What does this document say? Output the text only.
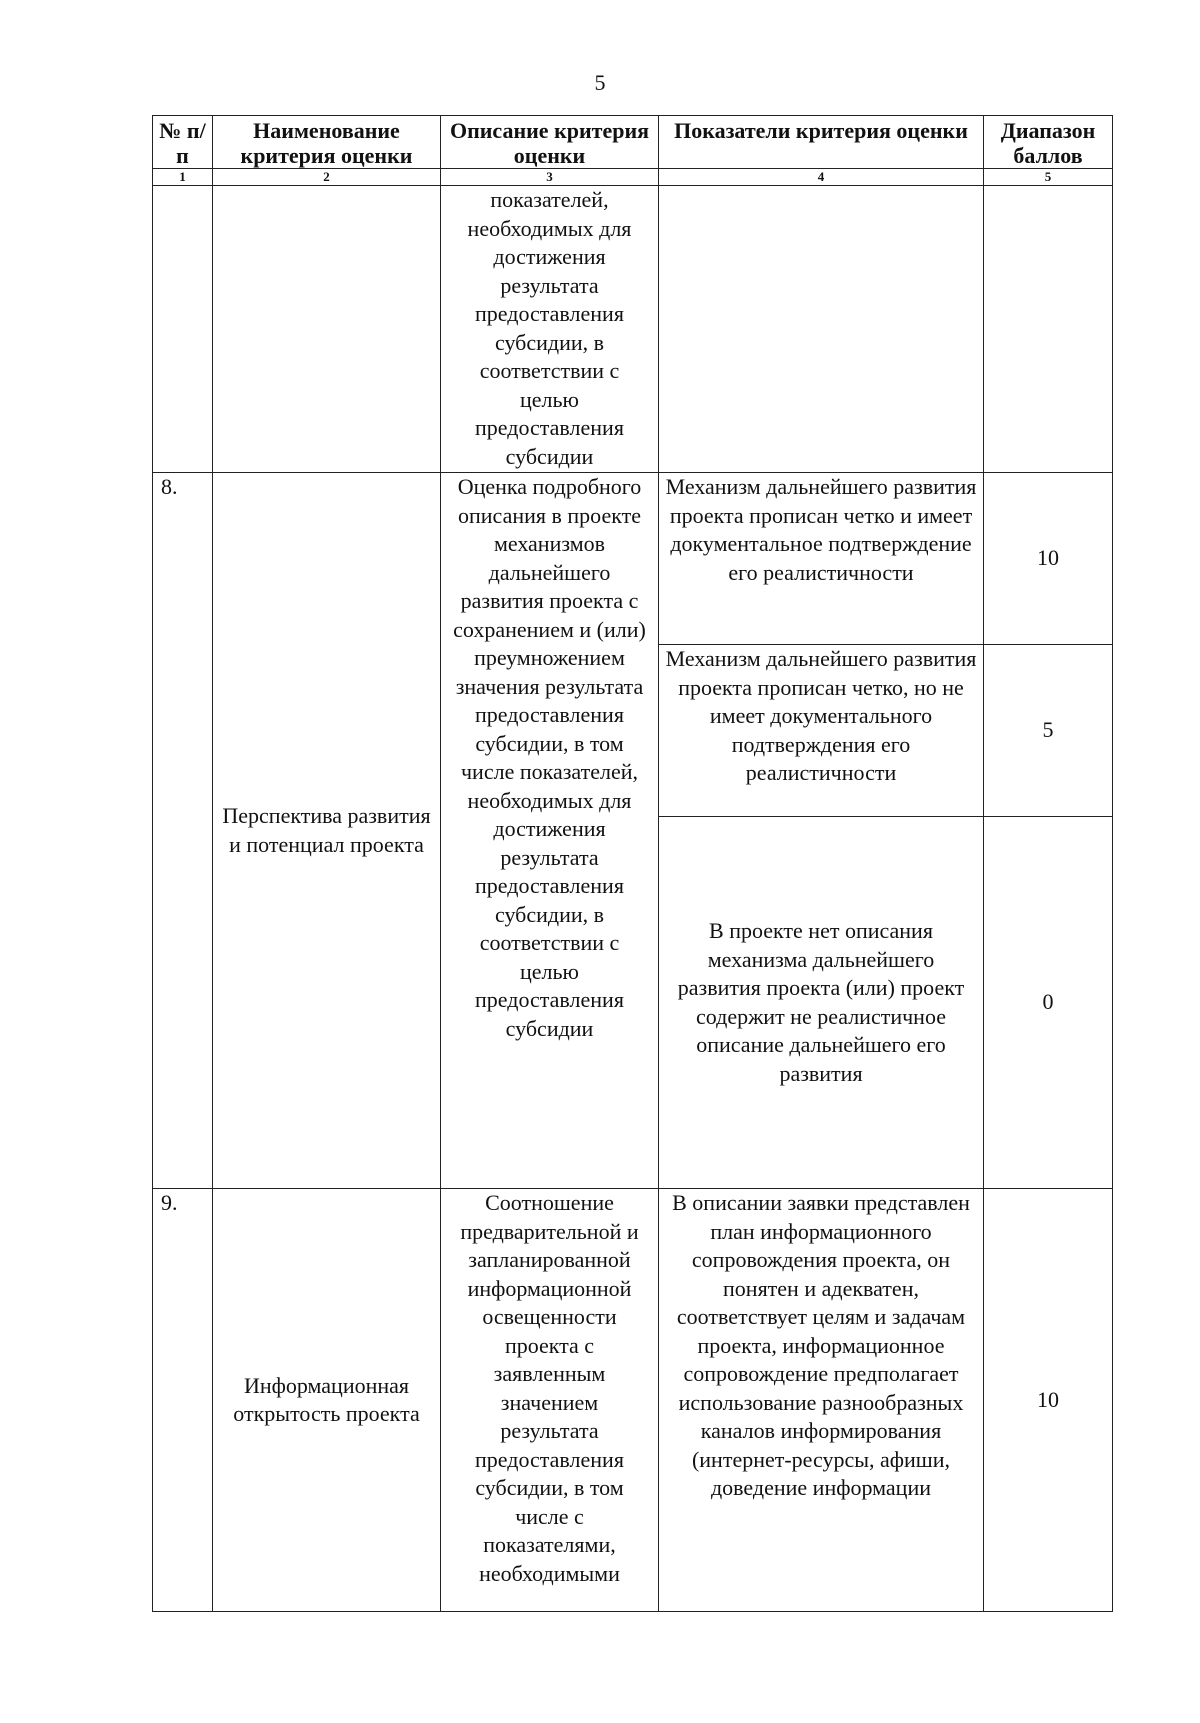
5
№ п/п	Наименование критерия оценки	Описание критерия оценки	Показатели критерия оценки	Диапазон баллов
1	2	3	4	5
		показателей, необходимых для достижения результата предоставления субсидии, в соответствии с целью предоставления субсидии		
8.	Перспектива развития и потенциал проекта	Оценка подробного описания в проекте механизмов дальнейшего развития проекта с сохранением и (или) преумножением значения результата предоставления субсидии, в том числе показателей, необходимых для достижения результата предоставления субсидии, в соответствии с целью предоставления субсидии	Механизм дальнейшего развития проекта прописан четко и имеет документальное подтверждение его реалистичности	10
			Механизм дальнейшего развития проекта прописан четко, но не имеет документального подтверждения его реалистичности	5
			В проекте нет описания механизма дальнейшего развития проекта (или) проект содержит не реалистичное описание дальнейшего его развития	0
9.	Информационная открытость проекта	Соотношение предварительной и запланированной информационной освещенности проекта с заявленным значением результата предоставления субсидии, в том числе с показателями, необходимыми	В описании заявки представлен план информационного сопровождения проекта, он понятен и адекватен, соответствует целям и задачам проекта, информационное сопровождение предполагает использование разнообразных каналов информирования (интернет-ресурсы, афиши, доведение информации	10
